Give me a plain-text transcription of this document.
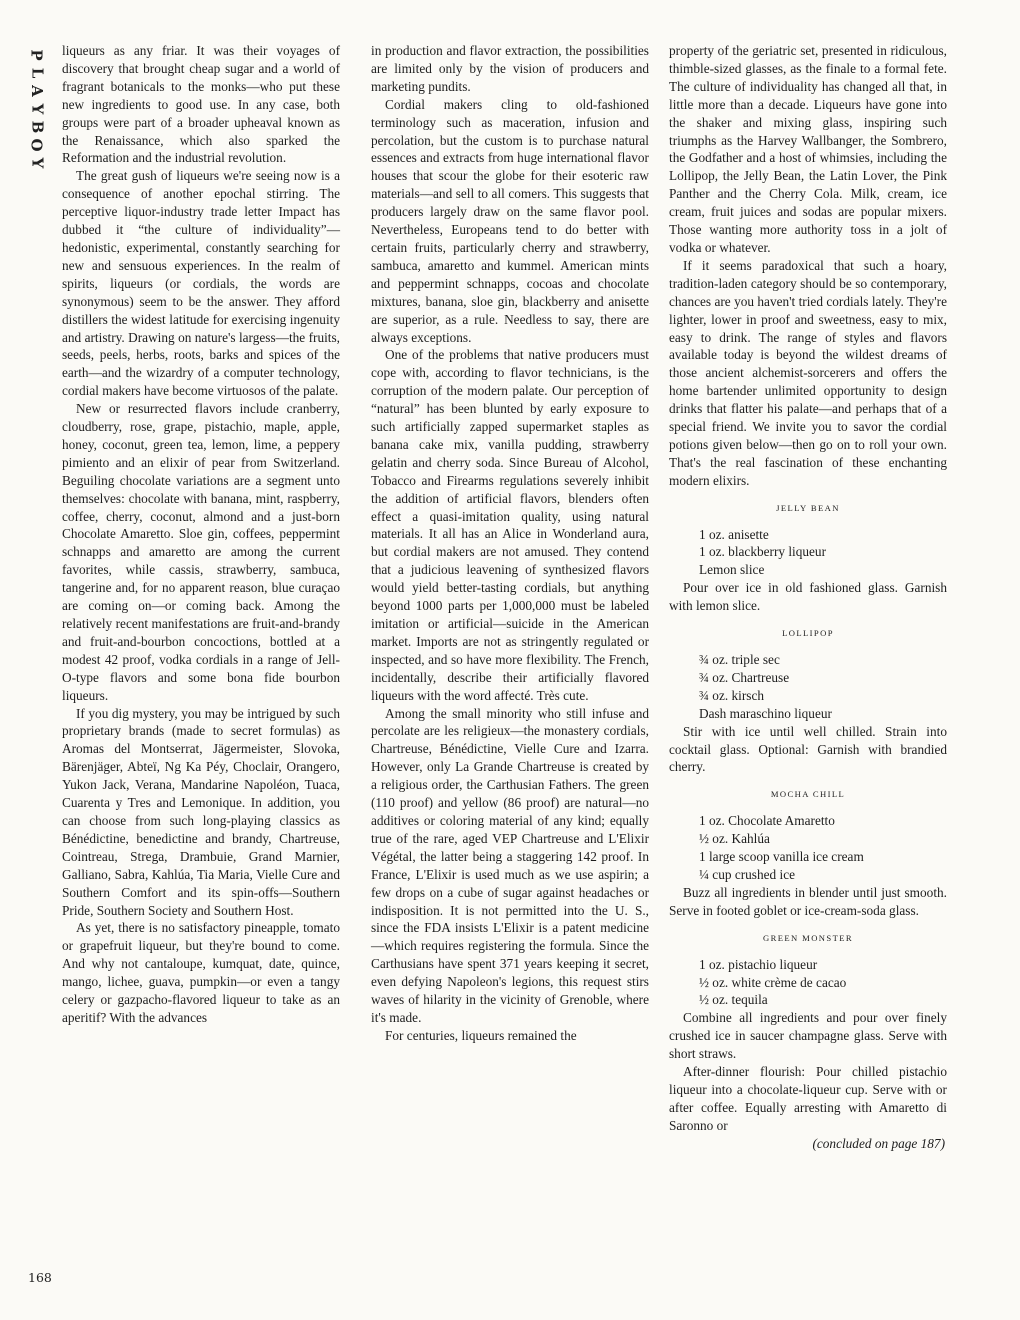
P
L
A
Y
B
O
Y
168

liqueurs as any friar. It was their voyages of discovery that brought cheap sugar and a world of fragrant botanicals to the monks—who put these new ingredients to good use. In any case, both groups were part of a broader upheaval known as the Renaissance, which also sparked the Reformation and the industrial revolution.

The great gush of liqueurs we're seeing now is a consequence of another epochal stirring. The perceptive liquor-industry trade letter Impact has dubbed it “the culture of individuality”—hedonistic, experimental, constantly searching for new and sensuous experiences. In the realm of spirits, liqueurs (or cordials, the words are synonymous) seem to be the answer. They afford distillers the widest latitude for exercising ingenuity and artistry. Drawing on nature's largess—the fruits, seeds, peels, herbs, roots, barks and spices of the earth—and the wizardry of a computer technology, cordial makers have become virtuosos of the palate.

New or resurrected flavors include cranberry, cloudberry, rose, grape, pistachio, maple, apple, honey, coconut, green tea, lemon, lime, a peppery pimiento and an elixir of pear from Switzerland. Beguiling chocolate variations are a segment unto themselves: chocolate with banana, mint, raspberry, coffee, cherry, coconut, almond and a just-born Chocolate Amaretto. Sloe gin, coffees, peppermint schnapps and amaretto are among the current favorites, while cassis, strawberry, sambuca, tangerine and, for no apparent reason, blue curaçao are coming on—or coming back. Among the relatively recent manifestations are fruit-and-brandy and fruit-and-bourbon concoctions, bottled at a modest 42 proof, vodka cordials in a range of Jell-O-type flavors and some bona fide bourbon liqueurs.

If you dig mystery, you may be intrigued by such proprietary brands (made to secret formulas) as Aromas del Montserrat, Jägermeister, Slovoka, Bärenjäger, Abteï, Ng Ka Péy, Choclair, Orangero, Yukon Jack, Verana, Mandarine Napoléon, Tuaca, Cuarenta y Tres and Lemonique. In addition, you can choose from such long-playing classics as Bénédictine, benedictine and brandy, Chartreuse, Cointreau, Strega, Drambuie, Grand Marnier, Galliano, Sabra, Kahlúa, Tia Maria, Vielle Cure and Southern Comfort and its spin-offs—Southern Pride, Southern Society and Southern Host.

As yet, there is no satisfactory pineapple, tomato or grapefruit liqueur, but they're bound to come. And why not cantaloupe, kumquat, date, quince, mango, lichee, guava, pumpkin—or even a tangy celery or gazpacho-flavored liqueur to take as an aperitif? With the advances

in production and flavor extraction, the possibilities are limited only by the vision of producers and marketing pundits.

Cordial makers cling to old-fashioned terminology such as maceration, infusion and percolation, but the custom is to purchase natural essences and extracts from huge international flavor houses that scour the globe for their esoteric raw materials—and sell to all comers. This suggests that producers largely draw on the same flavor pool. Nevertheless, Europeans tend to do better with certain fruits, particularly cherry and strawberry, sambuca, amaretto and kummel. American mints and peppermint schnapps, cocoas and chocolate mixtures, banana, sloe gin, blackberry and anisette are superior, as a rule. Needless to say, there are always exceptions.

One of the problems that native producers must cope with, according to flavor technicians, is the corruption of the modern palate. Our perception of “natural” has been blunted by early exposure to such artificially zapped supermarket staples as banana cake mix, vanilla pudding, strawberry gelatin and cherry soda. Since Bureau of Alcohol, Tobacco and Firearms regulations severely inhibit the addition of artificial flavors, blenders often effect a quasi-imitation quality, using natural materials. It all has an Alice in Wonderland aura, but cordial makers are not amused. They contend that a judicious leavening of synthesized flavors would yield better-tasting cordials, but anything beyond 1000 parts per 1,000,000 must be labeled imitation or artificial—suicide in the American market. Imports are not as stringently regulated or inspected, and so have more flexibility. The French, incidentally, describe their artificially flavored liqueurs with the word affecté. Très cute.

Among the small minority who still infuse and percolate are les religieux—the monastery cordials, Chartreuse, Bénédictine, Vielle Cure and Izarra. However, only La Grande Chartreuse is created by a religious order, the Carthusian Fathers. The green (110 proof) and yellow (86 proof) are natural—no additives or coloring material of any kind; equally true of the rare, aged VEP Chartreuse and L'Elixir Végétal, the latter being a staggering 142 proof. In France, L'Elixir is used much as we use aspirin; a few drops on a cube of sugar against headaches or indisposition. It is not permitted into the U. S., since the FDA insists L'Elixir is a patent medicine—which requires registering the formula. Since the Carthusians have spent 371 years keeping it secret, even defying Napoleon's legions, this request stirs waves of hilarity in the vicinity of Grenoble, where it's made.

For centuries, liqueurs remained the

property of the geriatric set, presented in ridiculous, thimble-sized glasses, as the finale to a formal fete. The culture of individuality has changed all that, in little more than a decade. Liqueurs have gone into the shaker and mixing glass, inspiring such triumphs as the Harvey Wallbanger, the Sombrero, the Godfather and a host of whimsies, including the Lollipop, the Jelly Bean, the Latin Lover, the Pink Panther and the Cherry Cola. Milk, cream, ice cream, fruit juices and sodas are popular mixers. Those wanting more authority toss in a jolt of vodka or whatever.

If it seems paradoxical that such a hoary, tradition-laden category should be so contemporary, chances are you haven't tried cordials lately. They're lighter, lower in proof and sweetness, easy to mix, easy to drink. The range of styles and flavors available today is beyond the wildest dreams of those ancient alchemist-sorcerers and offers the home bartender unlimited opportunity to design drinks that flatter his palate—and perhaps that of a special friend. We invite you to savor the cordial potions given below—then go on to roll your own. That's the real fascination of these enchanting modern elixirs.

JELLY BEAN

1 oz. anisette

1 oz. blackberry liqueur

Lemon slice

Pour over ice in old fashioned glass. Garnish with lemon slice.

LOLLIPOP

¾ oz. triple sec

¾ oz. Chartreuse

¾ oz. kirsch

Dash maraschino liqueur

Stir with ice until well chilled. Strain into cocktail glass. Optional: Garnish with brandied cherry.

MOCHA CHILL

1 oz. Chocolate Amaretto

½ oz. Kahlúa

1 large scoop vanilla ice cream

¼ cup crushed ice

Buzz all ingredients in blender until just smooth. Serve in footed goblet or ice-cream-soda glass.

GREEN MONSTER

1 oz. pistachio liqueur

½ oz. white crème de cacao

½ oz. tequila

Combine all ingredients and pour over finely crushed ice in saucer champagne glass. Serve with short straws.

After-dinner flourish: Pour chilled pistachio liqueur into a chocolate-liqueur cup. Serve with or after coffee. Equally arresting with Amaretto di Saronno or

(concluded on page 187)
